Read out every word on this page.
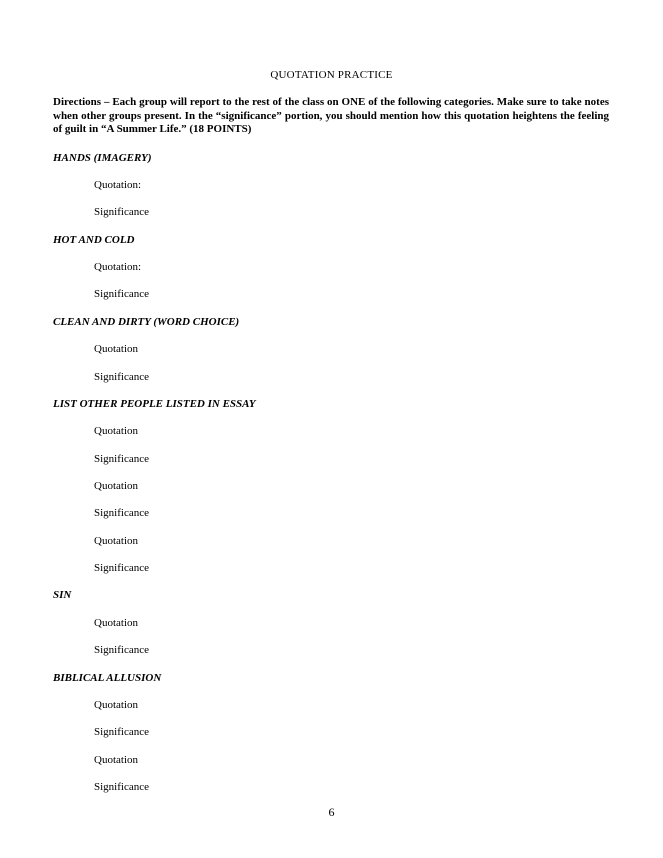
QUOTATION PRACTICE
Directions – Each group will report to the rest of the class on ONE of the following categories. Make sure to take notes when other groups present. In the “significance” portion, you should mention how this quotation heightens the feeling of guilt in “A Summer Life.” (18 POINTS)
HANDS (IMAGERY)
Quotation:
Significance
HOT AND COLD
Quotation:
Significance
CLEAN AND DIRTY (WORD CHOICE)
Quotation
Significance
LIST OTHER PEOPLE LISTED IN ESSAY
Quotation
Significance
Quotation
Significance
Quotation
Significance
SIN
Quotation
Significance
BIBLICAL ALLUSION
Quotation
Significance
Quotation
Significance
6
